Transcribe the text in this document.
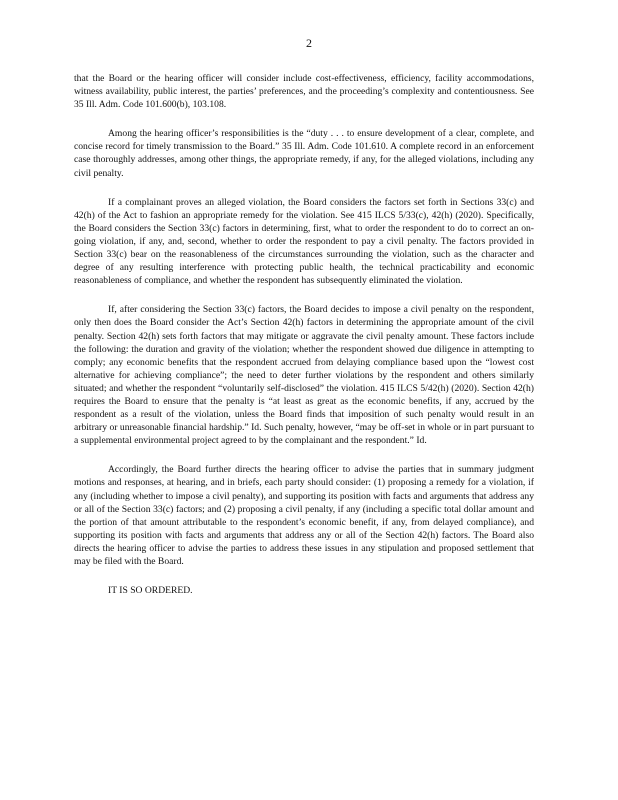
2

that the Board or the hearing officer will consider include cost-effectiveness, efficiency, facility accommodations, witness availability, public interest, the parties’ preferences, and the proceeding’s complexity and contentiousness. See 35 Ill. Adm. Code 101.600(b), 103.108.

Among the hearing officer’s responsibilities is the “duty . . . to ensure development of a clear, complete, and concise record for timely transmission to the Board.” 35 Ill. Adm. Code 101.610. A complete record in an enforcement case thoroughly addresses, among other things, the appropriate remedy, if any, for the alleged violations, including any civil penalty.

If a complainant proves an alleged violation, the Board considers the factors set forth in Sections 33(c) and 42(h) of the Act to fashion an appropriate remedy for the violation. See 415 ILCS 5/33(c), 42(h) (2020). Specifically, the Board considers the Section 33(c) factors in determining, first, what to order the respondent to do to correct an on-going violation, if any, and, second, whether to order the respondent to pay a civil penalty. The factors provided in Section 33(c) bear on the reasonableness of the circumstances surrounding the violation, such as the character and degree of any resulting interference with protecting public health, the technical practicability and economic reasonableness of compliance, and whether the respondent has subsequently eliminated the violation.

If, after considering the Section 33(c) factors, the Board decides to impose a civil penalty on the respondent, only then does the Board consider the Act’s Section 42(h) factors in determining the appropriate amount of the civil penalty. Section 42(h) sets forth factors that may mitigate or aggravate the civil penalty amount. These factors include the following: the duration and gravity of the violation; whether the respondent showed due diligence in attempting to comply; any economic benefits that the respondent accrued from delaying compliance based upon the “lowest cost alternative for achieving compliance”; the need to deter further violations by the respondent and others similarly situated; and whether the respondent “voluntarily self-disclosed” the violation. 415 ILCS 5/42(h) (2020). Section 42(h) requires the Board to ensure that the penalty is “at least as great as the economic benefits, if any, accrued by the respondent as a result of the violation, unless the Board finds that imposition of such penalty would result in an arbitrary or unreasonable financial hardship.” Id. Such penalty, however, “may be off-set in whole or in part pursuant to a supplemental environmental project agreed to by the complainant and the respondent.” Id.

Accordingly, the Board further directs the hearing officer to advise the parties that in summary judgment motions and responses, at hearing, and in briefs, each party should consider: (1) proposing a remedy for a violation, if any (including whether to impose a civil penalty), and supporting its position with facts and arguments that address any or all of the Section 33(c) factors; and (2) proposing a civil penalty, if any (including a specific total dollar amount and the portion of that amount attributable to the respondent’s economic benefit, if any, from delayed compliance), and supporting its position with facts and arguments that address any or all of the Section 42(h) factors. The Board also directs the hearing officer to advise the parties to address these issues in any stipulation and proposed settlement that may be filed with the Board.

IT IS SO ORDERED.
